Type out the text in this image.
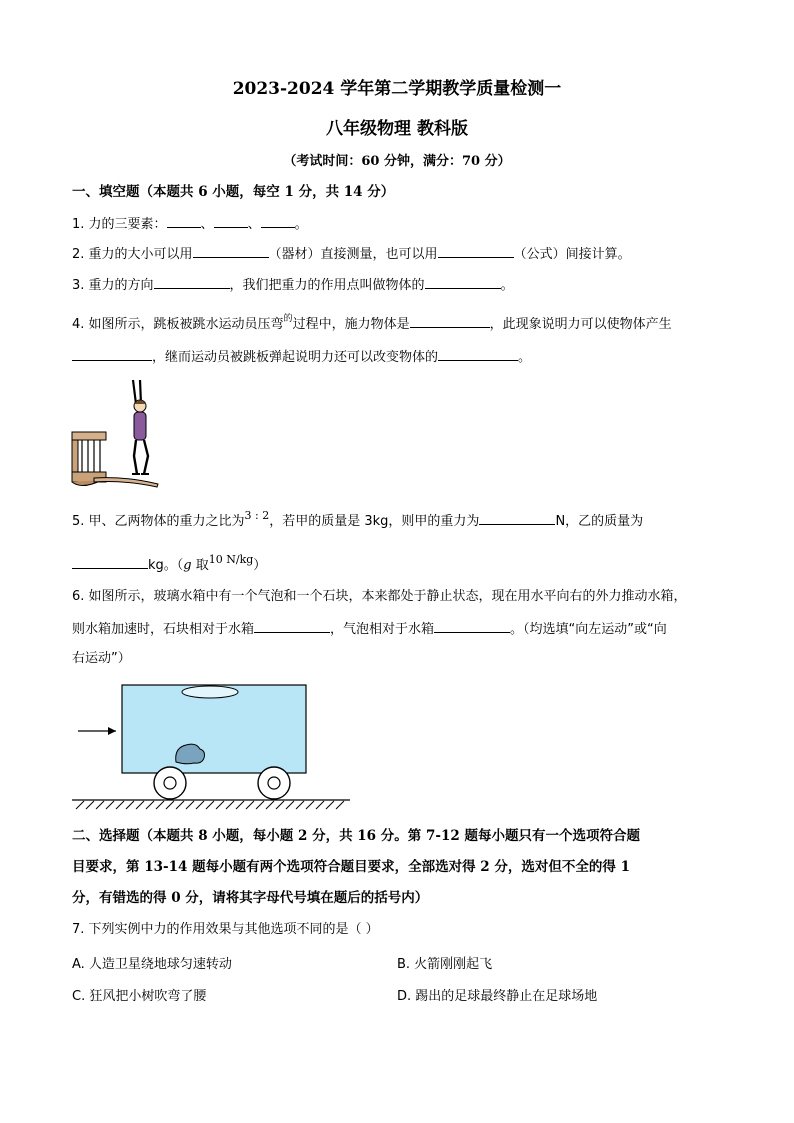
2023-2024 学年第二学期教学质量检测一
八年级物理 教科版
（考试时间：60 分钟，满分：70 分）
一、填空题（本题共 6 小题，每空 1 分，共 14 分）
1. 力的三要素：	、	、	。
2. 重力的大小可以用	（器材）直接测量，也可以用	（公式）间接计算。
3. 重力的方向	，我们把重力的作用点叫做物体的	。
4. 如图所示，跳板被跳水运动员压弯$^的$过程中，施力物体是	，此现象说明力可以使物体产生
，继而运动员被跳板弹起说明力还可以改变物体的	。
5. 甲、乙两物体的重力之比为$^{3 : 2}$，若甲的质量是 3kg，则甲的重力为	N，乙的质量为
kg。（g 取$^{10 N/kg}$）
6. 如图所示，玻璃水箱中有一个气泡和一个石块，本来都处于静止状态，现在用水平向右的外力推动水箱，
则水箱加速时，石块相对于水箱	，气泡相对于水箱	。（均选填“向左运动”或“向
右运动”）
二、选择题（本题共 8 小题，每小题 2 分，共 16 分。第 7-12 题每小题只有一个选项符合题
目要求，第 13-14 题每小题有两个选项符合题目要求，全部选对得 2 分，选对但不全的得 1
分，有错选的得 0 分，请将其字母代号填在题后的括号内）
7. 下列实例中力的作用效果与其他选项不同的是（ ）
A. 人造卫星绕地球匀速转动	B. 火箭刚刚起飞
C. 狂风把小树吹弯了腰	D. 踢出的足球最终静止在足球场地
